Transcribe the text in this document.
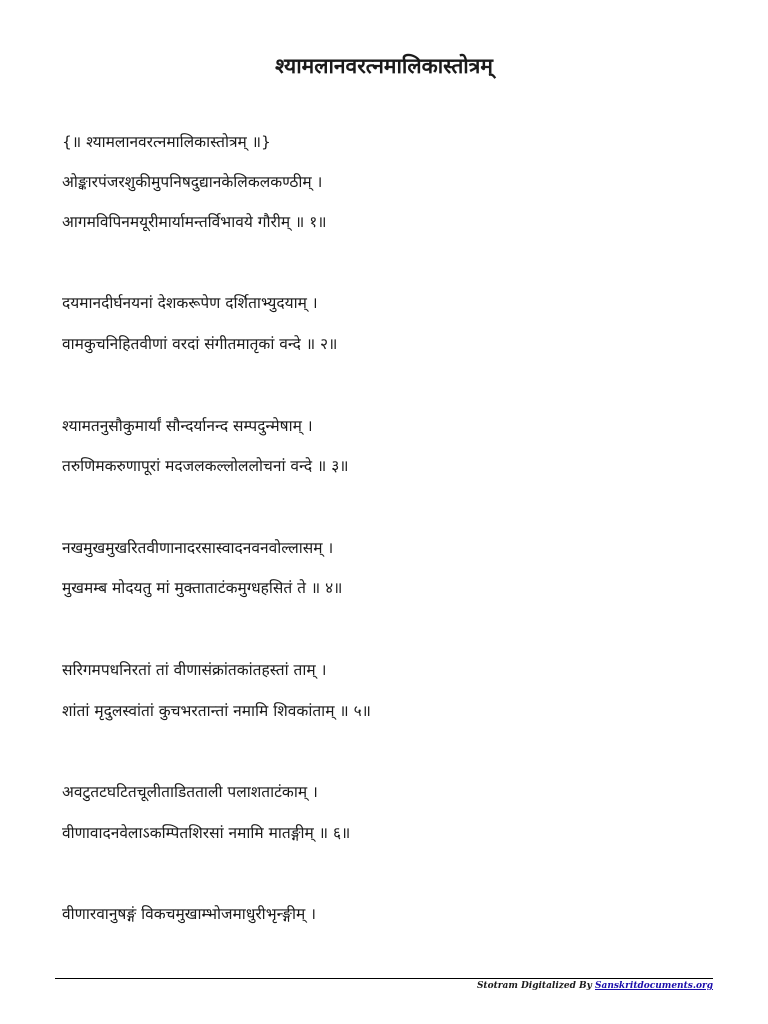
श्यामलानवरत्नमालिकास्तोत्रम्
{॥ श्यामलानवरत्नमालिकास्तोत्रम् ॥}
ओङ्कारपंजरशुकीमुपनिषदुद्यानकेलिकलकण्ठीम् ।
आगमविपिनमयूरीमार्यामन्तर्विभावये गौरीम् ॥ १॥
दयमानदीर्घनयनां देशकरूपेण दर्शिताभ्युदयाम् ।
वामकुचनिहितवीणां वरदां संगीतमातृकां वन्दे ॥ २॥
श्यामतनुसौकुमार्यां सौन्दर्यानन्द सम्पदुन्मेषाम् ।
तरुणिमकरुणापूरां मदजलकल्लोललोचनां वन्दे ॥ ३॥
नखमुखमुखरितवीणानादरसास्वादनवनवोल्लासम् ।
मुखमम्ब मोदयतु मां मुक्ताताटंकमुग्धहसितं ते ॥ ४॥
सरिगमपधनिरतां तां वीणासंक्रांतकांतहस्तां ताम् ।
शांतां मृदुलस्वांतां कुचभरतान्तां नमामि शिवकांताम् ॥ ५॥
अवटुतटघटितचूलीताडितताली पलाशताटंकाम् ।
वीणावादनवेलाऽकम्पितशिरसां नमामि मातङ्गीम् ॥ ६॥
वीणारवानुषङ्गं विकचमुखाम्भोजमाधुरीभृन्ङ्गीम् ।
Stotram Digitalized By Sanskritdocuments.org
